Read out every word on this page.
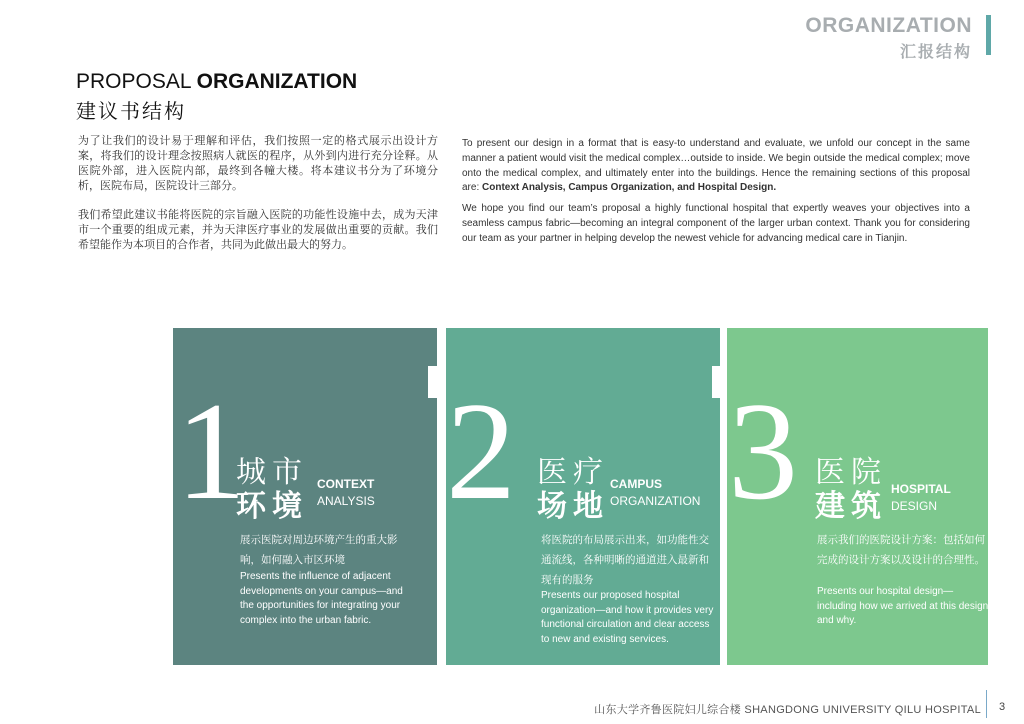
ORGANIZATION
汇报结构
PROPOSAL ORGANIZATION
建议书结构
为了让我们的设计易于理解和评估，我们按照一定的格式展示出设计方案，将我们的设计理念按照病人就医的程序，从外到内进行充分诠释。从医院外部，进入医院内部，最终到各幢大楼。将本建议书分为了环境分析，医院布局，医院设计三部分。
我们希望此建议书能将医院的宗旨融入医院的功能性设施中去，成为天津市一个重要的组成元素，并为天津医疗事业的发展做出重要的贡献。我们希望能作为本项目的合作者，共同为此做出最大的努力。
To present our design in a format that is easy-to understand and evaluate, we unfold our concept in the same manner a patient would visit the medical complex…outside to inside. We begin outside the medical complex; move onto the medical complex, and ultimately enter into the buildings. Hence the remaining sections of this proposal are: Context Analysis, Campus Organization, and Hospital Design.
We hope you find our team’s proposal a highly functional hospital that expertly weaves your objectives into a seamless campus fabric—becoming an integral component of the larger urban context. Thank you for considering our team as your partner in helping develop the newest vehicle for advancing medical care in Tianjin.
1 2 3
城市
环境
医疗
场地
医院
建筑
CONTEXT
ANALYSIS
CAMPUS
ORGANIZATION
HOSPITAL
DESIGN
展示医院对周边环境产生的重大影响，如何融入市区环境
Presents the influence of adjacent developments on your campus—and the opportunities for integrating your complex into the urban fabric.
将医院的布局展示出来，如功能性交通流线，各种明晰的通道进入最新和现有的服务
Presents our proposed hospital organization—and how it provides very functional circulation and clear access to new and existing services.
展示我们的医院设计方案：包括如何完成的设计方案以及设计的合理性。
Presents our hospital design—including how we arrived at this design and why.
山东大学齐鲁医院妇儿综合楼 SHANGDONG UNIVERSITY QILU HOSPITAL 3
